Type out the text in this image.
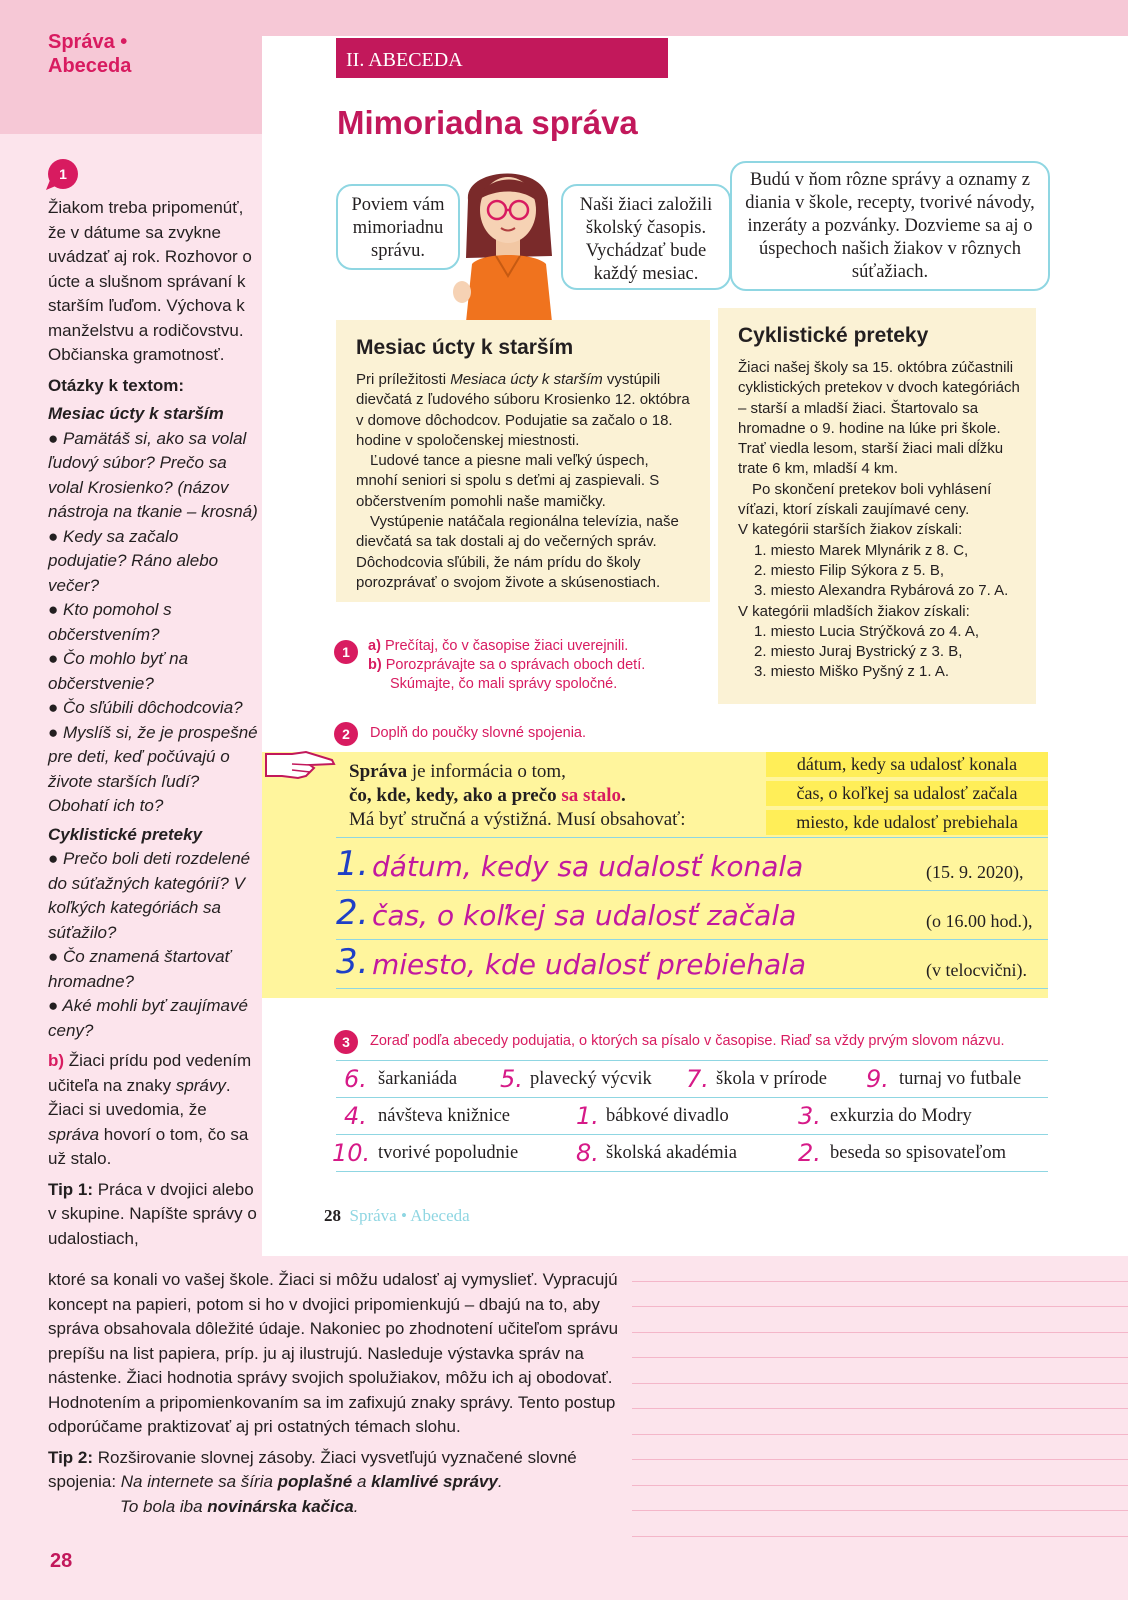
Správa •
Abeceda	II. ABECEDA
Mimoriadna správa
Poviem vám mimoriadnu správu.
Naši žiaci založili školský časopis. Vychádzať bude každý mesiac.
Budú v ňom rôzne správy a oznamy z diania v škole, recepty, tvorivé návody, inzeráty a pozvánky. Dozvieme sa aj o úspechoch našich žiakov v rôznych súťažiach.
Mesiac úcty k starším
Pri príležitosti Mesiaca úcty k starším vystúpili dievčatá z ľudového súboru Krosienko 12. októbra v domove dôchodcov. Podujatie sa začalo o 18. hodine v spoločenskej miestnosti.
Ľudové tance a piesne mali veľký úspech, mnohí seniori si spolu s deťmi aj zaspievali. S občerstvením pomohli naše mamičky.
Vystúpenie natáčala regionálna televízia, naše dievčatá sa tak dostali aj do večerných správ. Dôchodcovia sľúbili, že nám prídu do školy porozprávať o svojom živote a skúsenostiach.
Cyklistické preteky
Žiaci našej školy sa 15. októbra zúčastnili cyklistických pretekov v dvoch kategóriách – starší a mladší žiaci. Štartovalo sa hromadne o 9. hodine na lúke pri škole. Trať viedla lesom, starší žiaci mali dĺžku trate 6 km, mladší 4 km.
Po skončení pretekov boli vyhlásení víťazi, ktorí získali zaujímavé ceny.
V kategórii starších žiakov získali:
1. miesto Marek Mlynárik z 8. C,
2. miesto Filip Sýkora z 5. B,
3. miesto Alexandra Rybárová zo 7. A.
V kategórii mladších žiakov získali:
1. miesto Lucia Strýčková zo 4. A,
2. miesto Juraj Bystrický z 3. B,
3. miesto Miško Pyšný z 1. A.
1	a) Prečítaj, čo v časopise žiaci uverejnili.
b) Porozprávajte sa o správach oboch detí.
Skúmajte, čo mali správy spoločné.
2	Doplň do poučky slovné spojenia.
Správa je informácia o tom,
čo, kde, kedy, ako a prečo sa stalo.
Má byť stručná a výstižná. Musí obsahovať:
dátum, kedy sa udalosť konala
čas, o koľkej sa udalosť začala
miesto, kde udalosť prebiehala
1. dátum, kedy sa udalosť konala	(15. 9. 2020),
2. čas, o koľkej sa udalosť začala	(o 16.00 hod.),
3. miesto, kde udalosť prebiehala	(v telocvični).
3	Zoraď podľa abecedy podujatia, o ktorých sa písalo v časopise. Riaď sa vždy prvým slovom názvu.
6. šarkaniáda 5. plavecký výcvik 7. škola v prírode 9. turnaj vo futbale
4. návšteva knižnice	1. bábkové divadlo	3. exkurzia do Modry
10. tvorivé popoludnie 8. školská akadémia	2. beseda so spisovateľom
28 Správa • Abeceda
1
Žiakom treba pripomenúť, že v dátume sa zvykne uvádzať aj rok. Rozhovor o úcte a slušnom správaní k starším ľuďom. Výchova k manželstvu a rodičovstvu. Občianska gramotnosť.
Otázky k textom:
Mesiac úcty k starším
● Pamätáš si, ako sa volal ľudový súbor? Prečo sa volal Krosienko? (názov nástroja na tkanie – krosná)
● Kedy sa začalo podujatie? Ráno alebo večer?
● Kto pomohol s občerstvením?
● Čo mohlo byť na občerstvenie?
● Čo sľúbili dôchodcovia?
● Myslíš si, že je prospešné pre deti, keď počúvajú o živote starších ľudí? Obohatí ich to?
Cyklistické preteky
● Prečo boli deti rozdelené do súťažných kategórií? V koľkých kategóriách sa súťažilo?
● Čo znamená štartovať hromadne?
● Aké mohli byť zaujímavé ceny?
b) Žiaci prídu pod vedením učiteľa na znaky správy. Žiaci si uvedomia, že správa hovorí o tom, čo sa už stalo.
Tip 1: Práca v dvojici alebo v skupine. Napíšte správy o udalostiach,
ktoré sa konali vo vašej škole. Žiaci si môžu udalosť aj vymyslieť. Vypracujú koncept na papieri, potom si ho v dvojici pripomienkujú – dbajú na to, aby správa obsahovala dôležité údaje. Nakoniec po zhodnotení učiteľom správu prepíšu na list papiera, príp. ju aj ilustrujú. Nasleduje výstavka správ na nástenke. Žiaci hodnotia správy svojich spolužiakov, môžu ich aj obodovať. Hodnotením a pripomienkovaním sa im zafixujú znaky správy. Tento postup odporúčame praktizovať aj pri ostatných témach slohu.
Tip 2: Rozširovanie slovnej zásoby. Žiaci vysvetľujú vyznačené slovné spojenia: Na internete sa šíria poplašné a klamlivé správy.
To bola iba novinárska kačica.
28
